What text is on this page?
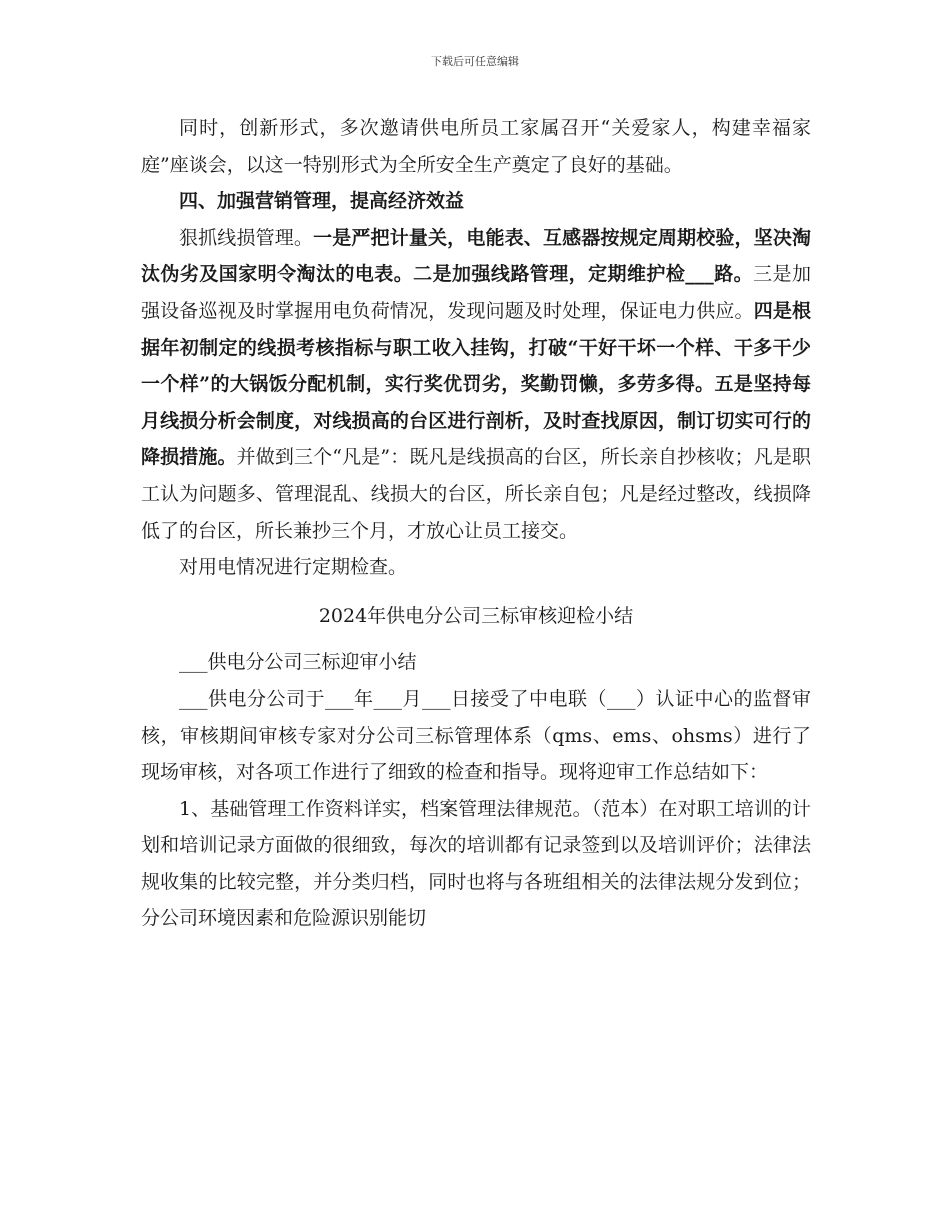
下载后可任意编辑

同时，创新形式，多次邀请供电所员工家属召开“关爱家人，构建幸福家庭”座谈会，以这一特别形式为全所安全生产奠定了良好的基础。

四、加强营销管理，提高经济效益

狠抓线损管理。一是严把计量关，电能表、互感器按规定周期校验，坚决淘汰伪劣及国家明令淘汰的电表。二是加强线路管理，定期维护检___路。三是加强设备巡视及时掌握用电负荷情况，发现问题及时处理，保证电力供应。四是根据年初制定的线损考核指标与职工收入挂钩，打破“干好干坏一个样、干多干少一个样”的大锅饭分配机制，实行奖优罚劣，奖勤罚懒，多劳多得。五是坚持每月线损分析会制度，对线损高的台区进行剖析，及时查找原因，制订切实可行的降损措施。并做到三个“凡是”：既凡是线损高的台区，所长亲自抄核收；凡是职工认为问题多、管理混乱、线损大的台区，所长亲自包；凡是经过整改，线损降低了的台区，所长兼抄三个月，才放心让员工接交。

对用电情况进行定期检查。

2024年供电分公司三标审核迎检小结

___供电分公司三标迎审小结

___供电分公司于___年___月___日接受了中电联（___）认证中心的监督审核，审核期间审核专家对分公司三标管理体系（qms、ems、ohsms）进行了现场审核，对各项工作进行了细致的检查和指导。现将迎审工作总结如下：

1、基础管理工作资料详实，档案管理法律规范。（范本）在对职工培训的计划和培训记录方面做的很细致，每次的培训都有记录签到以及培训评价；法律法规收集的比较完整，并分类归档，同时也将与各班组相关的法律法规分发到位；分公司环境因素和危险源识别能切
